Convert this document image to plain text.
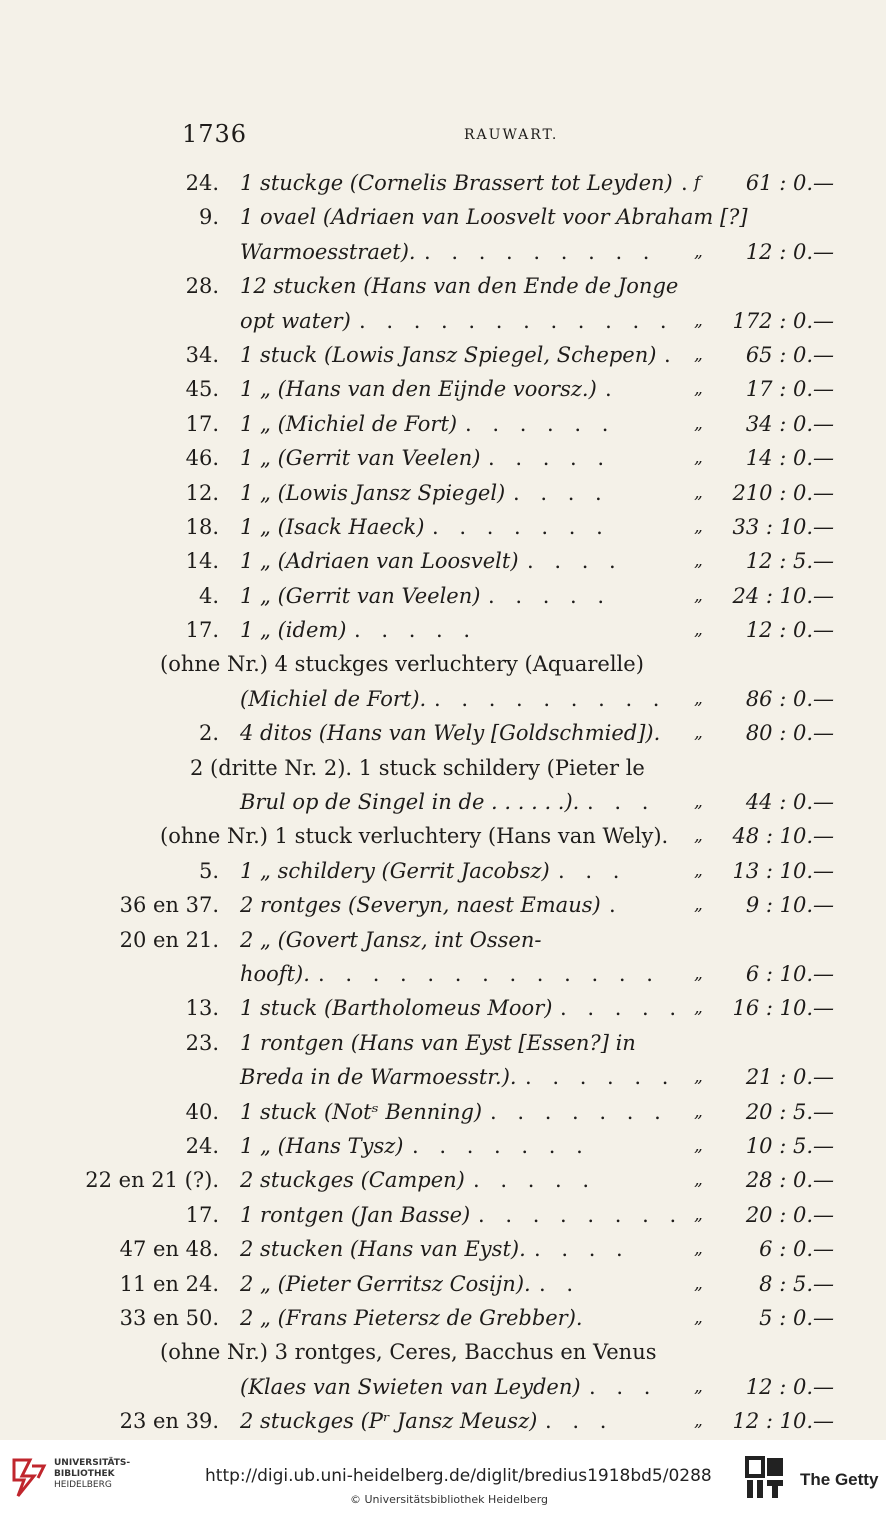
1736	RAUWART.
24. 1 stuckge (Cornelis Brassert tot Leyden) . f 61 : 0.—
9. 1 ovael (Adriaen van Loosvelt voor Abraham [?]
Warmoesstraet). . . . . . . . . . „ 12 : 0.—
28. 12 stucken (Hans van den Ende de Jonge
opt water) . . . . . . . . . . . . „ 172 : 0.—
34. 1 stuck (Lowis Jansz Spiegel, Schepen) . „ 65 : 0.—
45. 1 „ (Hans van den Eijnde voorsz.) .	„ 17 : 0.—
17. 1 „ (Michiel de Fort) . . . . . .	„ 34 : 0.—
46. 1 „ (Gerrit van Veelen) . . . . .	„ 14 : 0.—
12. 1 „ (Lowis Jansz Spiegel) . . . .	„ 210 : 0.—
18. 1 „ (Isack Haeck) . . . . . . .	„ 33 : 10.—
14. 1 „ (Adriaen van Loosvelt) . . . .	„ 12 : 5.—
4. 1 „ (Gerrit van Veelen) . . . . .	„ 24 : 10.—
17. 1 „ (idem) . . . . .	„ 12 : 0.—
(ohne Nr.) 4 stuckges verluchtery (Aquarelle)
(Michiel de Fort). . . . . . . . . . „ 86 : 0.—
2. 4 ditos (Hans van Wely [Goldschmied]). „ 80 : 0.—
2 (dritte Nr. 2). 1 stuck schildery (Pieter le
Brul op de Singel in de . . . . . .). . . . „ 44 : 0.—
(ohne Nr.) 1 stuck verluchtery (Hans van Wely). „ 48 : 10.—
5. 1 „ schildery (Gerrit Jacobsz) . . .	„ 13 : 10.—
36 en 37. 2 rontges (Severyn, naest Emaus) .	„ 9 : 10.—
20 en 21. 2 „ (Govert Jansz, int Ossen-
hooft). . . . . . . . . . . . . . „ 6 : 10.—
13. 1 stuck (Bartholomeus Moor) . . . . . „ 16 : 10.—
23. 1 rontgen (Hans van Eyst [Essen?] in
Breda in de Warmoesstr.). . . . . . . „ 21 : 0.—
40. 1 stuck (Notˢ Benning) . . . . . . . „ 20 : 5.—
24. 1 „ (Hans Tysz) . . . . . . .	„ 10 : 5.—
22 en 21 (?). 2 stuckges (Campen) . . . . .	„ 28 : 0.—
17. 1 rontgen (Jan Basse) . . . . . . . . „ 20 : 0.—
47 en 48. 2 stucken (Hans van Eyst). . . . .	„	6 : 0.—
11 en 24. 2 „ (Pieter Gerritsz Cosijn). . .	„	8 : 5.—
33 en 50. 2 „ (Frans Pietersz de Grebber).	„	5 : 0.—
(ohne Nr.) 3 rontges, Ceres, Bacchus en Venus
(Klaes van Swieten van Leyden) . . . „ 12 : 0.—
23 en 39. 2 stuckges (Pʳ Jansz Meusz) . . .	„ 12 : 10.—
UNIVERSITÄTS-
BIBLIOTHEK
HEIDELBERG	http://digi.ub.uni-heidelberg.de/diglit/bredius1918bd5/0288
© Universitätsbibliothek Heidelberg
The Getty
